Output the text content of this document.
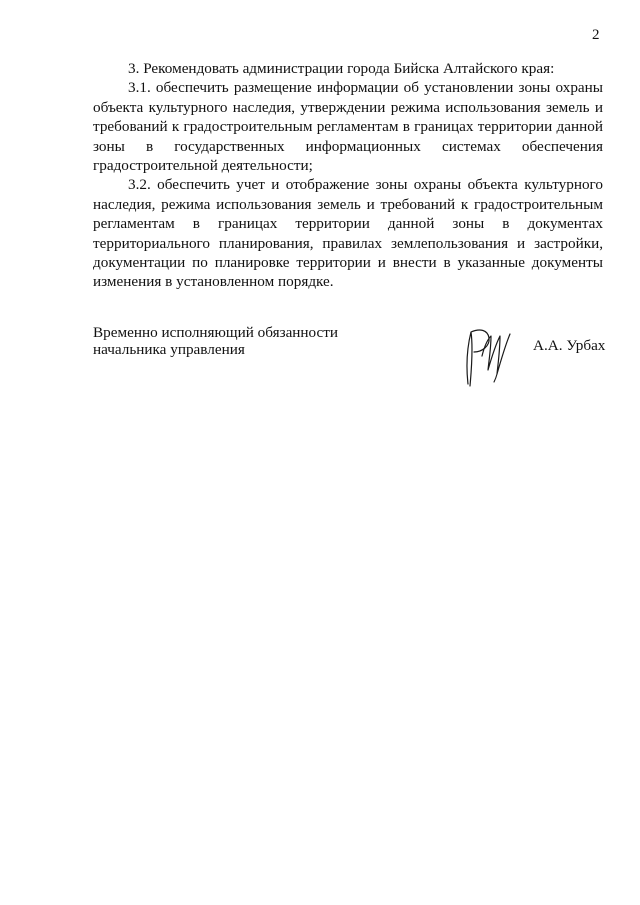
2

3. Рекомендовать администрации города Бийска Алтайского края:

3.1. обеспечить размещение информации об установлении зоны охраны объекта культурного наследия, утверждении режима использования земель и требований к градостроительным регламентам в границах территории данной зоны в государственных информационных системах обеспечения градостроительной деятельности;

3.2. обеспечить учет и отображение зоны охраны объекта культурного наследия, режима использования земель и требований к градостроительным регламентам в границах территории данной зоны в документах территориального планирования, правилах землепользования и застройки, документации по планировке территории и внести в указанные документы изменения в установленном порядке.

Временно исполняющий обязанности
начальника управления	А.А. Урбах
